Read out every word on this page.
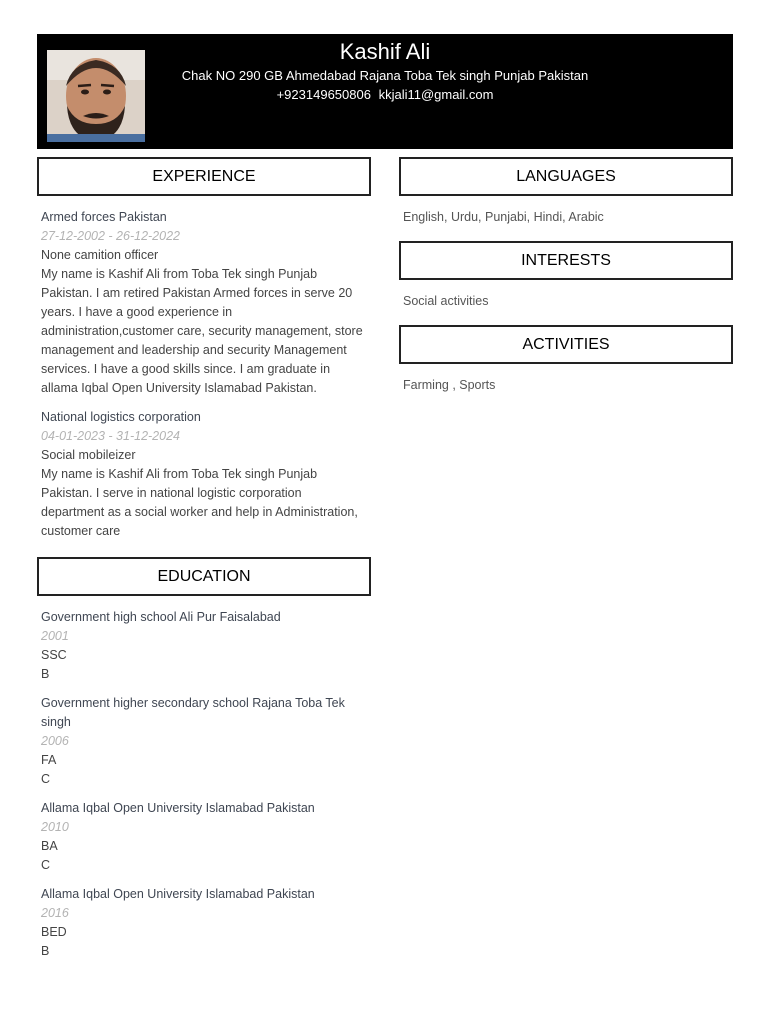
Kashif Ali
Chak NO 290 GB Ahmedabad Rajana Toba Tek singh Punjab Pakistan
+923149650806 kkjali11@gmail.com
EXPERIENCE
Armed forces Pakistan
27-12-2002 - 26-12-2022
None camition officer
My name is Kashif Ali from Toba Tek singh Punjab Pakistan. I am retired Pakistan Armed forces in serve 20 years. I have a good experience in administration,customer care, security management, store management and leadership and security Management services. I have a good skills since. I am graduate in allama Iqbal Open University Islamabad Pakistan.
National logistics corporation
04-01-2023 - 31-12-2024
Social mobileizer
My name is Kashif Ali from Toba Tek singh Punjab Pakistan. I serve in national logistic corporation department as a social worker and help in Administration, customer care
EDUCATION
Government high school Ali Pur Faisalabad
2001
SSC
B
Government higher secondary school Rajana Toba Tek singh
2006
FA
C
Allama Iqbal Open University Islamabad Pakistan
2010
BA
C
Allama Iqbal Open University Islamabad Pakistan
2016
BED
B
LANGUAGES
English, Urdu, Punjabi, Hindi, Arabic
INTERESTS
Social activities
ACTIVITIES
Farming , Sports
